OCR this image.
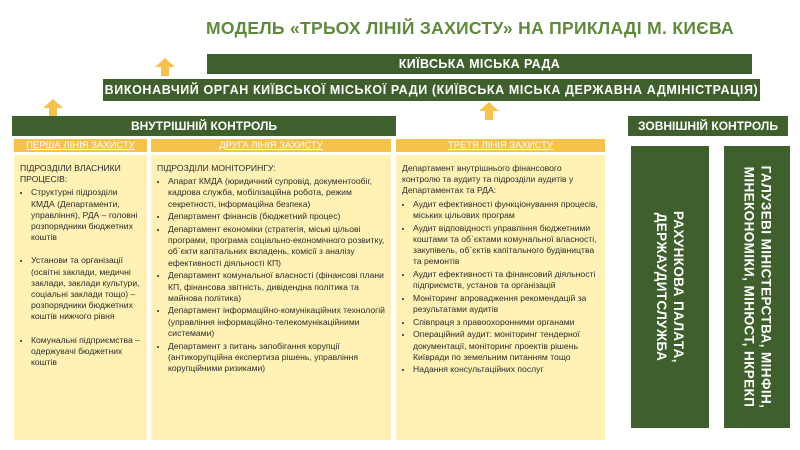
МОДЕЛЬ «ТРЬОХ ЛІНІЙ ЗАХИСТУ» НА ПРИКЛАДІ М. КИЄВА
КИЇВСЬКА МІСЬКА РАДА
ВИКОНАВЧИЙ ОРГАН КИЇВСЬКОЇ МІСЬКОЇ РАДИ (КИЇВСЬКА МІСЬКА ДЕРЖАВНА АДМІНІСТРАЦІЯ)
ВНУТРІШНІЙ КОНТРОЛЬ	ЗОВНІШНІЙ КОНТРОЛЬ
ПЕРША ЛІНІЯ ЗАХИСТУ
ПІДРОЗДІЛИ ВЛАСНИКИ ПРОЦЕСІВ:
• Структурні підрозділи КМДА (Департаменти, управління), РДА – головні розпорядники бюджетних коштів
• Установи та організації (освітні заклади, медичні заклади, заклади культури, соціальні заклади тощо) – розпорядники бюджетних коштів нижчого рівня
• Комунальні підприємства – одержувачі бюджетних коштів
ДРУГА ЛІНІЯ ЗАХИСТУ
ПІДРОЗДІЛИ МОНІТОРИНГУ:
• Апарат КМДА (юридичний супровід, документообіг, кадрова служба, мобілізаційна робота, режим секретності, інформаційна безпека)
• Департамент фінансів (бюджетний процес)
• Департамент економіки (стратегія, міські цільові програми, програма соціально-економічного розвитку, об`єкти капітальних вкладень, комісії з аналізу ефективності діяльності КП)
• Департамент комунальної власності (фінансові плани КП, фінансова звітність, дивідендна політика та майнова політика)
• Департамент інформаційно-комунікаційних технологій (управління інформаційно-телекомунікаційними системами)
• Департамент з питань запобігання корупції (антикорупційна експертиза рішень, управління корупційними ризиками)
ТРЕТЯ ЛІНІЯ ЗАХИСТУ
Департамент внутрішнього фінансового контролю та аудиту та підрозділи аудитів у Департаментах та РДА:
• Аудит ефективності функціонування процесів, міських цільових програм
• Аудит відповідності управління бюджетними коштами та об`єктами комунальної власності, закупівель, об`єктів капітального будівництва та ремонтів
• Аудит ефективності та фінансовий діяльності підприємств, установ та організацій
• Моніторинг впровадження рекомендацій за результатами аудитів
• Співпраця з правоохоронними органами
• Операційний аудит: моніторинг тендерної документації, моніторинг проектів рішень Київради по земельним питанням тощо
• Надання консультаційних послуг
РАХУНКОВА ПАЛАТА,
ДЕРЖАУДИТСЛУЖБА	ГАЛУЗЕВІ МІНІСТЕРСТВА, МІНФІН,
МІНЕКОНОМІКИ, МІНЮСТ, НКРЕКП
